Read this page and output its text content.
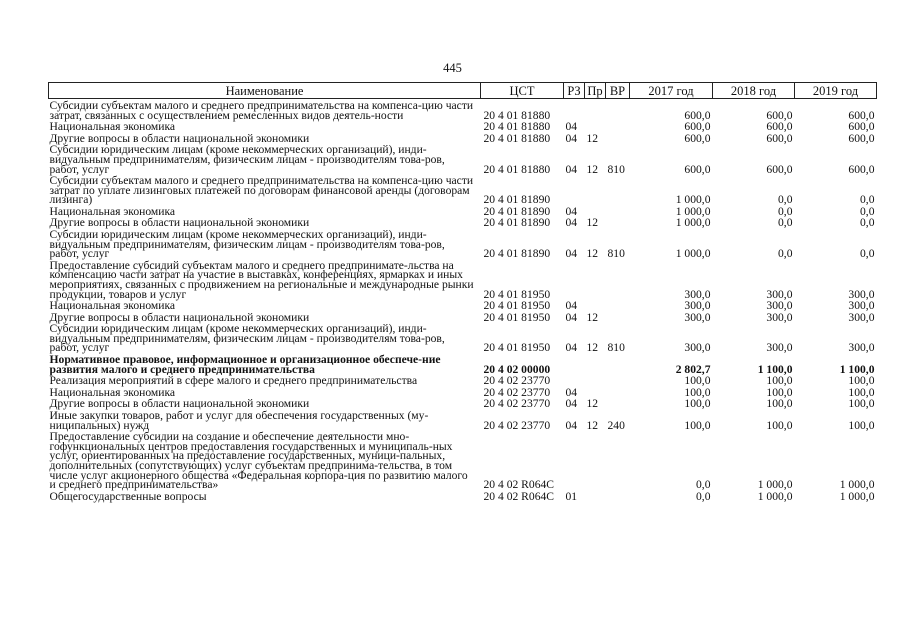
445
Наименование	ЦСТ	РЗ	Пр	ВР	2017 год	2018 год	2019 год
Субсидии субъектам малого и среднего предпринимательства на компенса-цию части затрат, связанных с осуществлением ремесленных видов деятель-ности	20 4 01 81880				600,0	600,0	600,0
Национальная экономика	20 4 01 81880	04			600,0	600,0	600,0
Другие вопросы в области национальной экономики	20 4 01 81880	04	12		600,0	600,0	600,0
Субсидии юридическим лицам (кроме некоммерческих организаций), инди-видуальным предпринимателям, физическим лицам - производителям това-ров, работ, услуг	20 4 01 81880	04	12	810	600,0	600,0	600,0
Субсидии субъектам малого и среднего предпринимательства на компенса-цию части затрат по уплате лизинговых платежей по договорам финансовой аренды (договорам лизинга)	20 4 01 81890				1 000,0	0,0	0,0
Национальная экономика	20 4 01 81890	04			1 000,0	0,0	0,0
Другие вопросы в области национальной экономики	20 4 01 81890	04	12		1 000,0	0,0	0,0
Субсидии юридическим лицам (кроме некоммерческих организаций), инди-видуальным предпринимателям, физическим лицам - производителям това-ров, работ, услуг	20 4 01 81890	04	12	810	1 000,0	0,0	0,0
Предоставление субсидий субъектам малого и среднего предпринимате-льства на компенсацию части затрат на участие в выставках, конференциях, ярмарках и иных мероприятиях, связанных с продвижением на региональные и международные рынки продукции, товаров и услуг	20 4 01 81950				300,0	300,0	300,0
Национальная экономика	20 4 01 81950	04			300,0	300,0	300,0
Другие вопросы в области национальной экономики	20 4 01 81950	04	12		300,0	300,0	300,0
Субсидии юридическим лицам (кроме некоммерческих организаций), инди-видуальным предпринимателям, физическим лицам - производителям това-ров, работ, услуг	20 4 01 81950	04	12	810	300,0	300,0	300,0
Нормативное правовое, информационное и организационное обеспече-ние развития малого и среднего предпринимательства	20 4 02 00000				2 802,7	1 100,0	1 100,0
Реализация мероприятий в сфере малого и среднего предпринимательства	20 4 02 23770				100,0	100,0	100,0
Национальная экономика	20 4 02 23770	04			100,0	100,0	100,0
Другие вопросы в области национальной экономики	20 4 02 23770	04	12		100,0	100,0	100,0
Иные закупки товаров, работ и услуг для обеспечения государственных (му-ниципальных) нужд	20 4 02 23770	04	12	240	100,0	100,0	100,0
Предоставление субсидии на создание и обеспечение деятельности мно-гофункциональных центров предоставления государственных и муниципаль-ных услуг, ориентированных на предоставление государственных, муници-пальных, дополнительных (сопутствующих) услуг субъектам предпринима-тельства, в том числе услуг акционерного общества «Федеральная корпора-ция по развитию малого и среднего предпринимательства»	20 4 02 R064C				0,0	1 000,0	1 000,0
Общегосударственные вопросы	20 4 02 R064C	01			0,0	1 000,0	1 000,0
